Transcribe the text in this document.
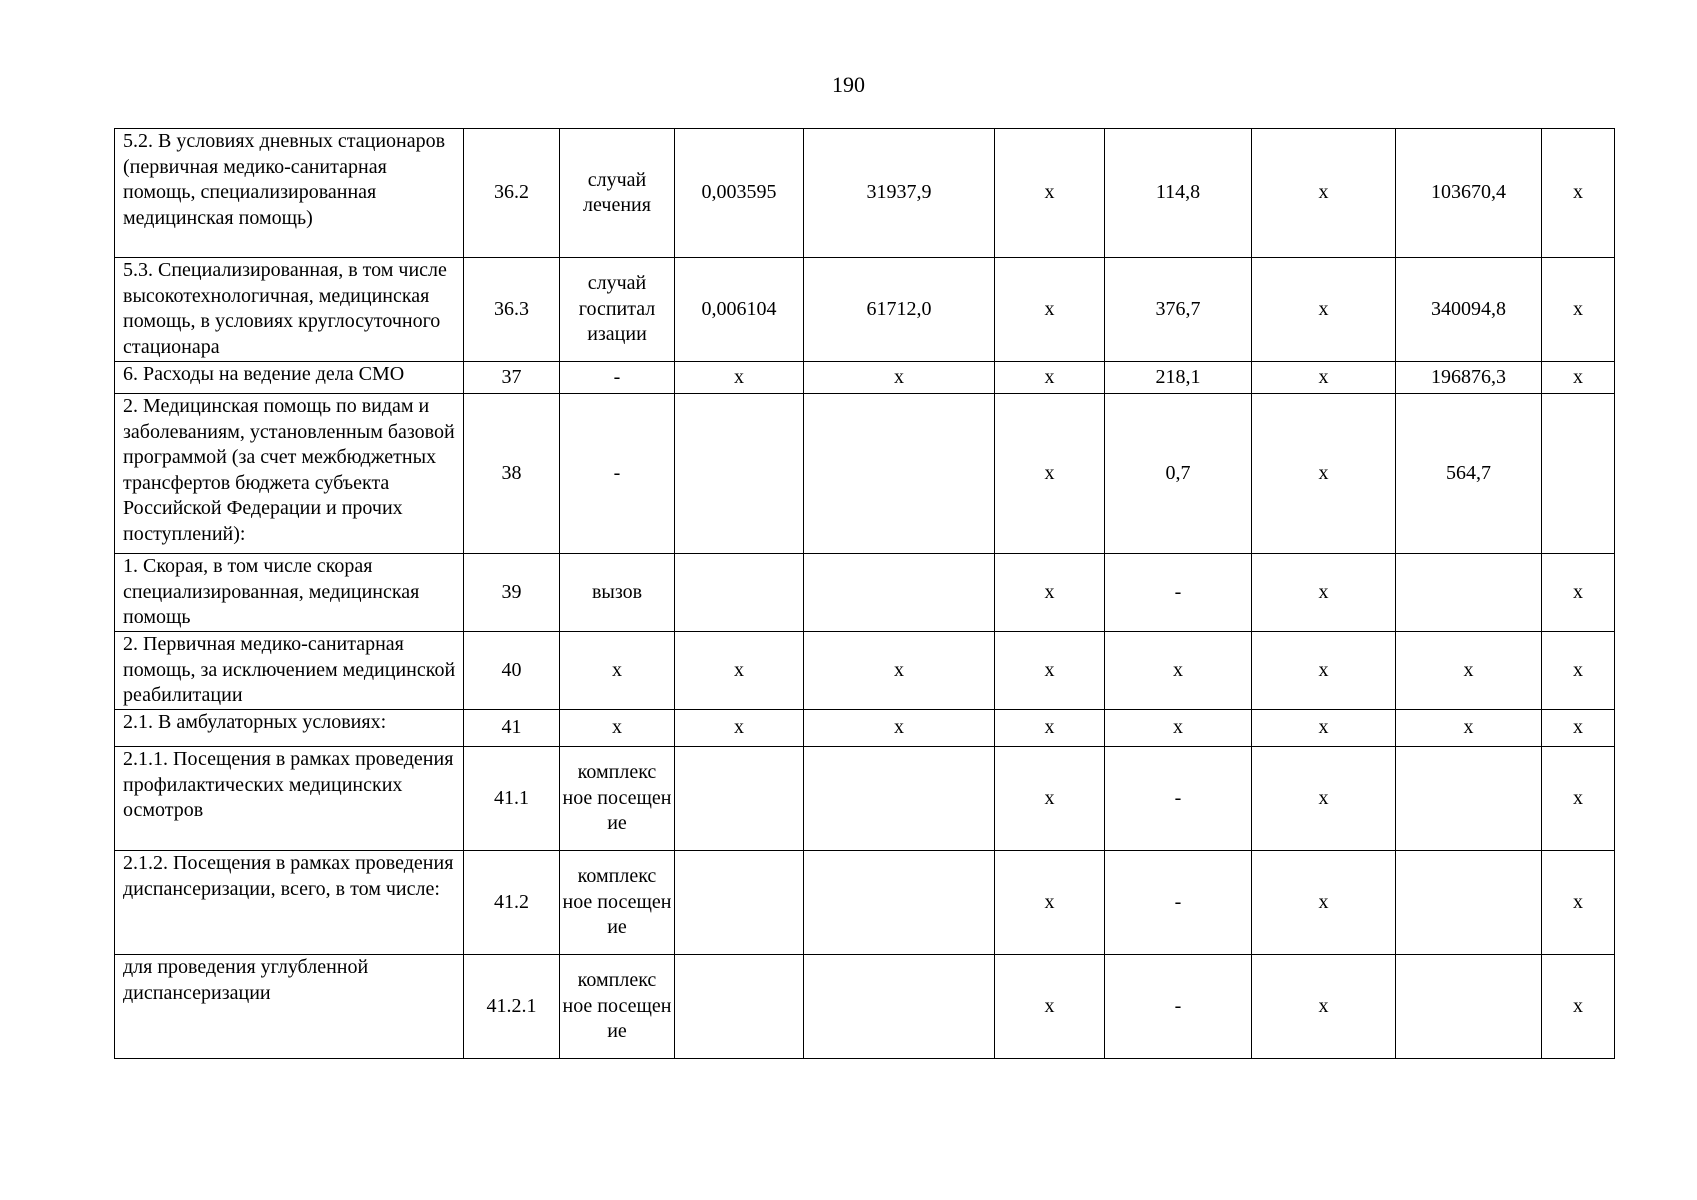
190
5.2. В условиях дневных стационаров (первичная медико-санитарная помощь, специализированная медицинская помощь)	36.2	случай лечения	0,003595	31937,9	х	114,8	х	103670,4	х
5.3. Специализированная, в том числе высокотехнологичная, медицинская помощь, в условиях круглосуточного стационара	36.3	случай госпитал изации	0,006104	61712,0	х	376,7	х	340094,8	х
6. Расходы на ведение дела СМО	37	-	х	х	х	218,1	х	196876,3	х
2. Медицинская помощь по видам и заболеваниям, установленным базовой программой (за счет межбюджетных трансфертов бюджета субъекта Российской Федерации и прочих поступлений):	38	-			х	0,7	х	564,7	
1. Скорая, в том числе скорая специализированная, медицинская помощь	39	вызов			х	-	х		х
2. Первичная медико-санитарная помощь, за исключением медицинской реабилитации	40	х	х	х	х	х	х	х	х
2.1. В амбулаторных условиях:	41	х	х	х	х	х	х	х	х
2.1.1. Посещения в рамках проведения профилактических медицинских осмотров	41.1	комплекс ное посещен ие			х	-	х		х
2.1.2. Посещения в рамках проведения диспансеризации, всего, в том числе:	41.2	комплекс ное посещен ие			х	-	х		х
для проведения углубленной диспансеризации	41.2.1	комплекс ное посещен ие			х	-	х		х
